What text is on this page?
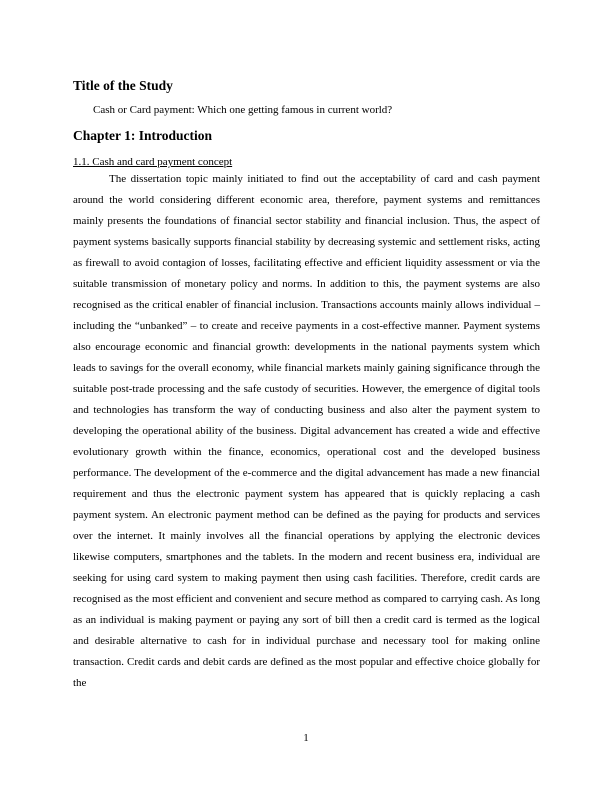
Title of the Study

Cash or Card payment: Which one getting famous in current world?

Chapter 1: Introduction

1.1. Cash and card payment concept

The dissertation topic mainly initiated to find out the acceptability of card and cash payment around the world considering different economic area, therefore, payment systems and remittances mainly presents the foundations of financial sector stability and financial inclusion. Thus, the aspect of payment systems basically supports financial stability by decreasing systemic and settlement risks, acting as firewall to avoid contagion of losses, facilitating effective and efficient liquidity assessment or via the suitable transmission of monetary policy and norms. In addition to this, the payment systems are also recognised as the critical enabler of financial inclusion. Transactions accounts mainly allows individual – including the “unbanked” – to create and receive payments in a cost-effective manner. Payment systems also encourage economic and financial growth: developments in the national payments system which leads to savings for the overall economy, while financial markets mainly gaining significance through the suitable post-trade processing and the safe custody of securities. However, the emergence of digital tools and technologies has transform the way of conducting business and also alter the payment system to developing the operational ability of the business. Digital advancement has created a wide and effective evolutionary growth within the finance, economics, operational cost and the developed business performance. The development of the e-commerce and the digital advancement has made a new financial requirement and thus the electronic payment system has appeared that is quickly replacing a cash payment system. An electronic payment method can be defined as the paying for products and services over the internet. It mainly involves all the financial operations by applying the electronic devices likewise computers, smartphones and the tablets. In the modern and recent business era, individual are seeking for using card system to making payment then using cash facilities. Therefore, credit cards are recognised as the most efficient and convenient and secure method as compared to carrying cash. As long as an individual is making payment or paying any sort of bill then a credit card is termed as the logical and desirable alternative to cash for in individual purchase and necessary tool for making online transaction. Credit cards and debit cards are defined as the most popular and effective choice globally for the

1
